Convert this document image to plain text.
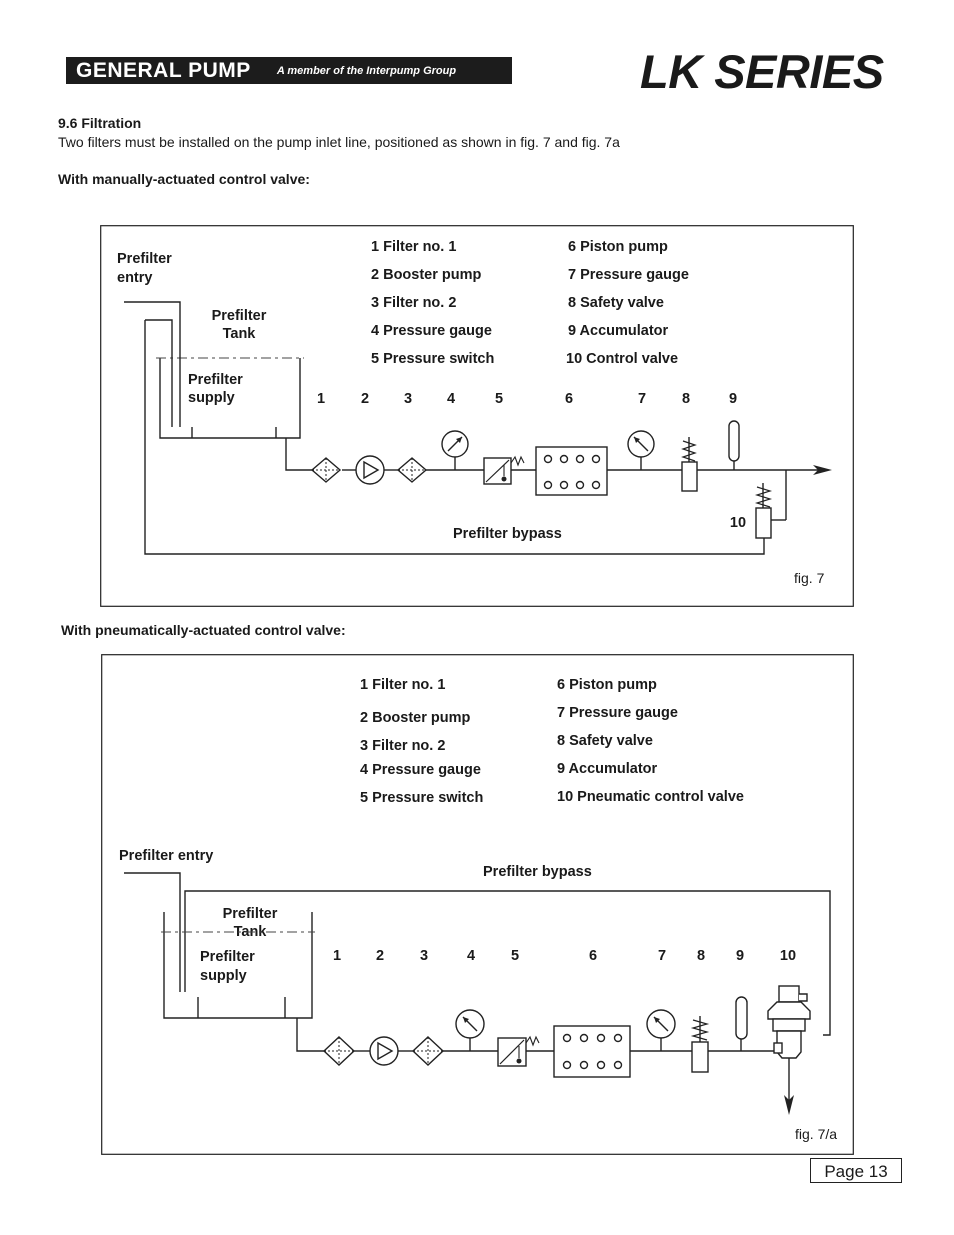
GENERAL PUMP A member of the Interpump Group	LK SERIES
9.6 Filtration
Two filters must be installed on the pump inlet line, positioned as shown in fig. 7 and fig. 7a
With manually-actuated control valve:
1 Filter no. 1
2 Booster pump
3 Filter no. 2
4 Pressure gauge
5 Pressure switch
6 Piston pump
7 Pressure gauge
8 Safety valve
9 Accumulator
10 Control valve
Prefilter
entry
Prefilter
Tank
Prefilter
supply
Prefilter bypass
1 2 3 4	5	6	7 8	9
10
fig. 7
With pneumatically-actuated control valve:
1 Filter no. 1
2 Booster pump
3 Filter no. 2
4 Pressure gauge
5 Pressure switch
6 Piston pump
7 Pressure gauge
8 Safety valve
9 Accumulator
10 Pneumatic control valve
Prefilter entry
Prefilter bypass
Prefilter
Tank
Prefilter
supply
1 2 3	4 5	6	7 8 9 10
fig. 7/a
Page 13
